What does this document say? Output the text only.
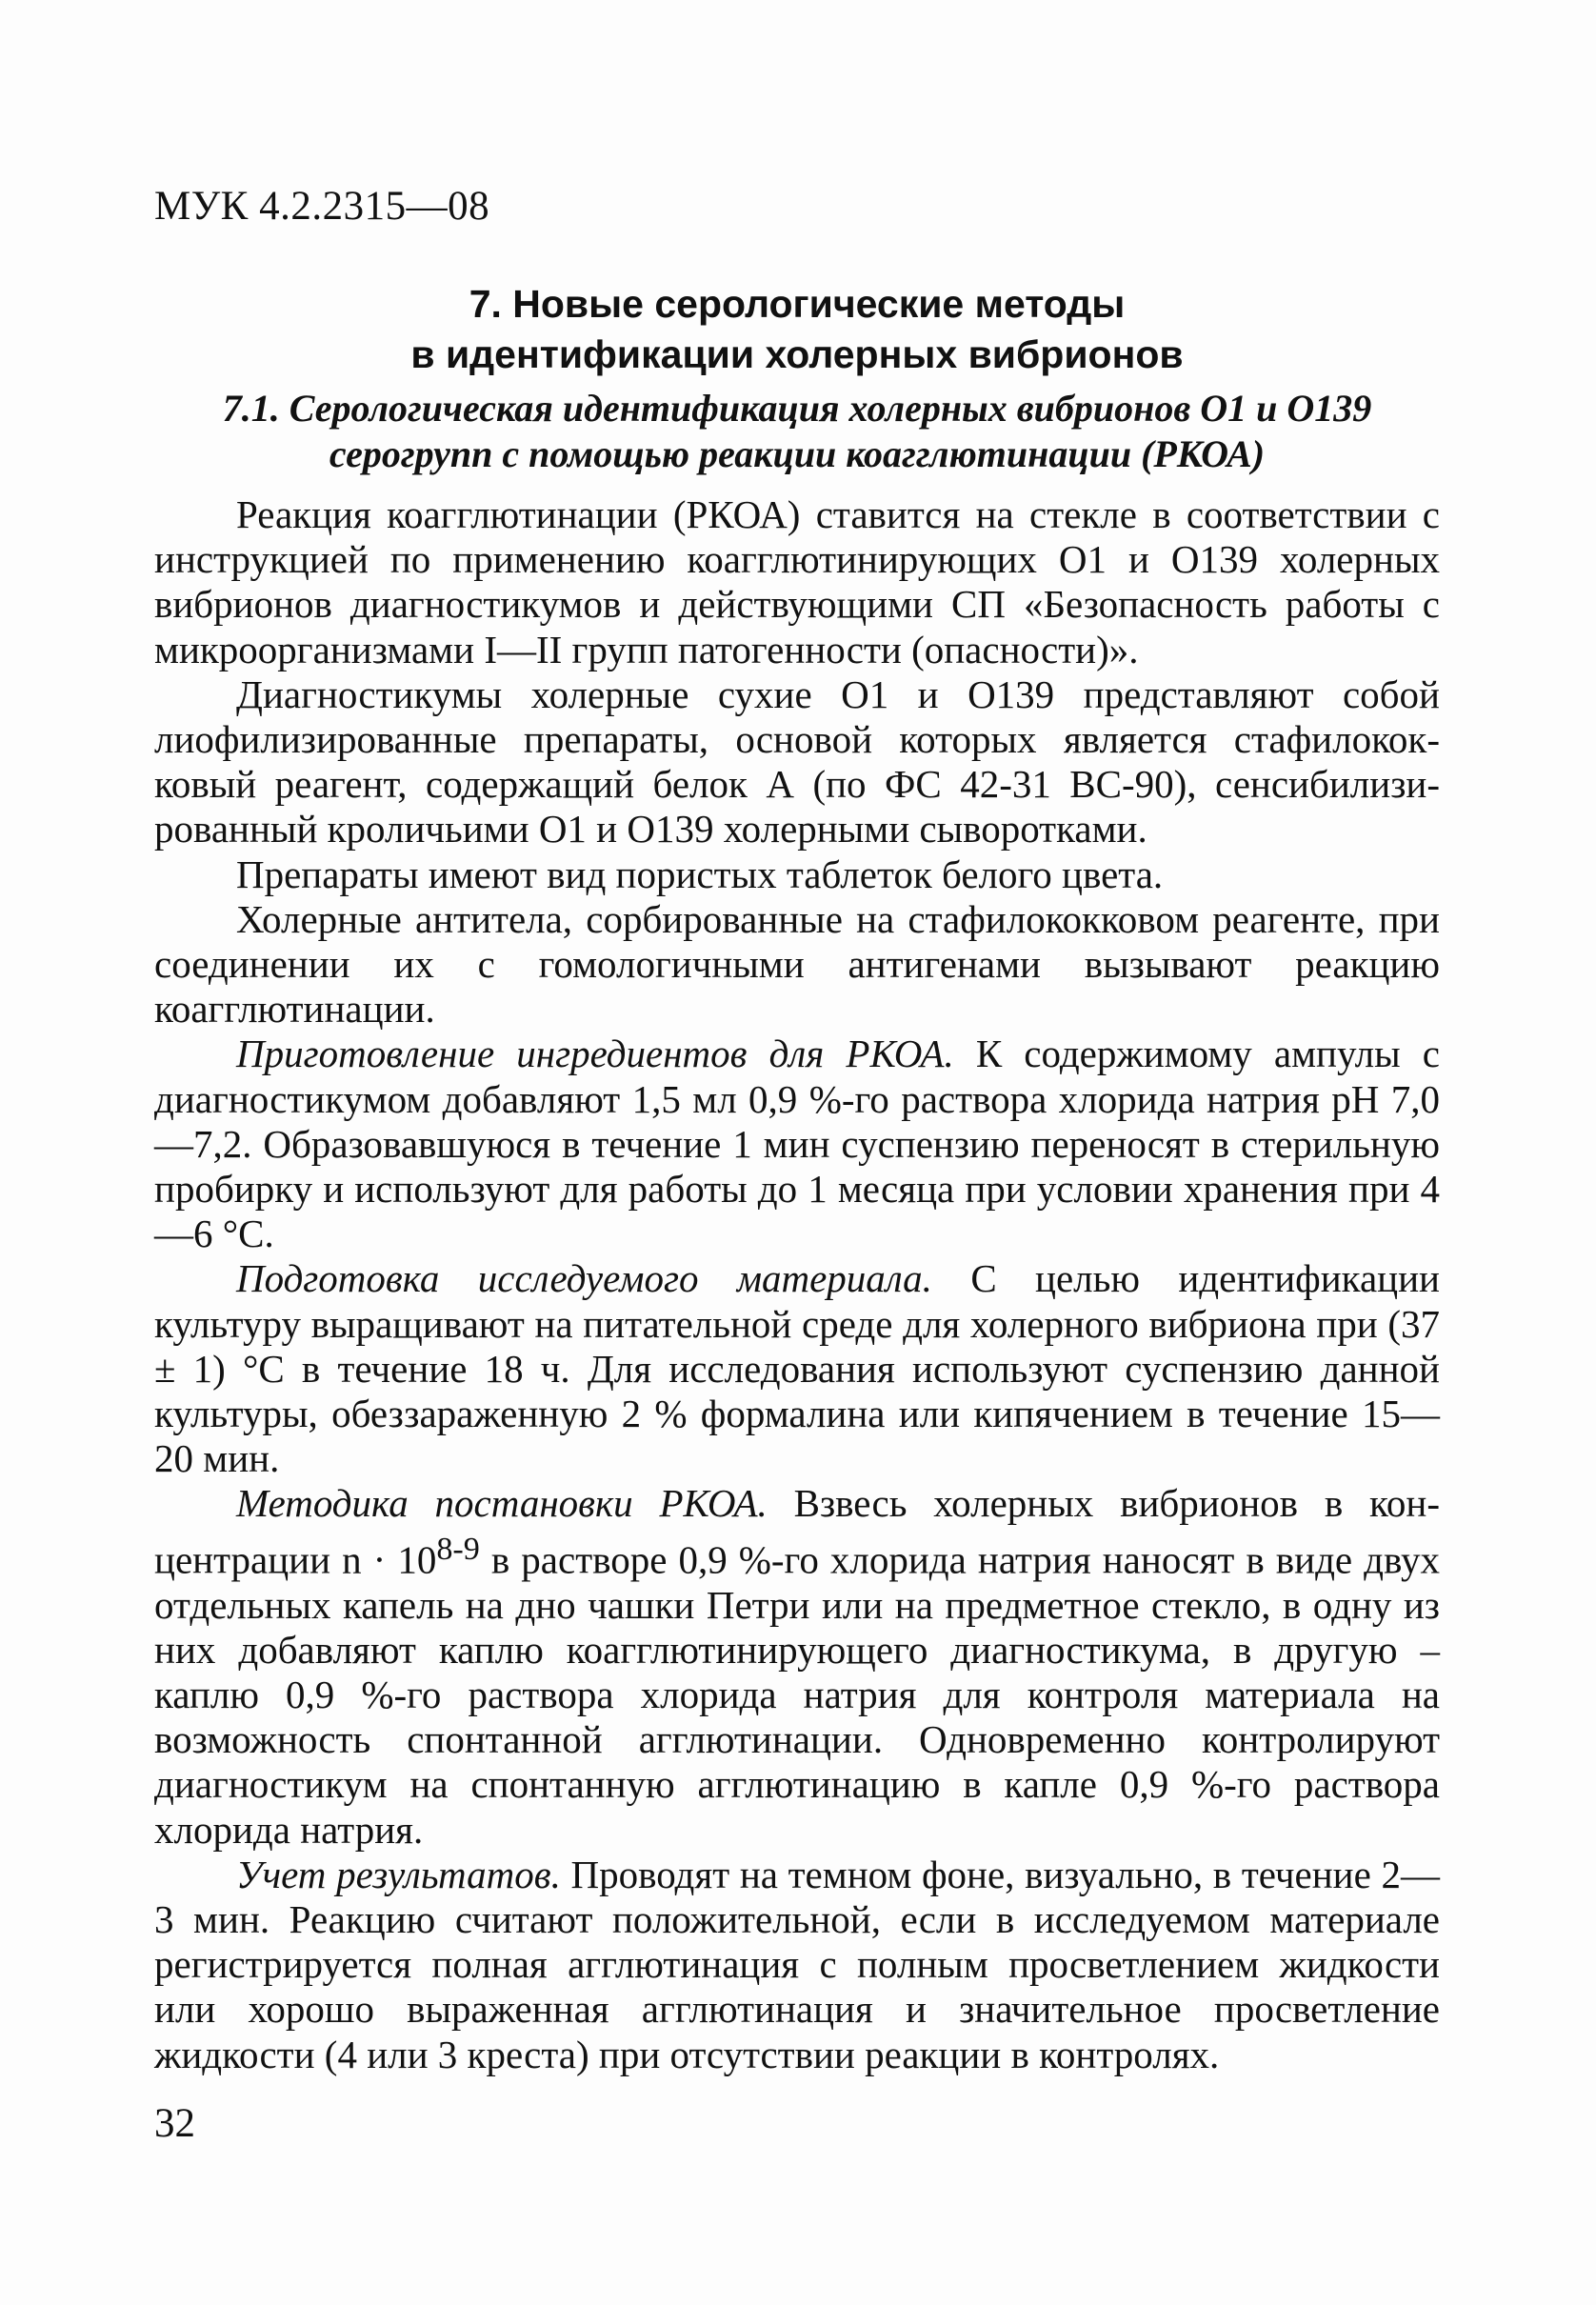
МУК 4.2.2315—08
7. Новые серологические методы
в идентификации холерных вибрионов
7.1. Серологическая идентификация холерных вибрионов О1 и О139
серогрупп с помощью реакции коагглютинации (РКОА)

Реакция коагглютинации (РКОА) ставится на стекле в соответствии с инструкцией по применению коагглютинирующих О1 и О139 холерных вибрионов диагностикумов и действующими СП «Безопасность работы с микроорганизмами I—II групп патогенности (опасности)».

Диагностикумы холерные сухие О1 и О139 представляют собой лиофилизированные препараты, основой которых является стафилококковый реагент, содержащий белок А (по ФС 42-31 ВС-90), сенсибилизированный кроличьими О1 и О139 холерными сыворотками.

Препараты имеют вид пористых таблеток белого цвета.

Холерные антитела, сорбированные на стафилококковом реагенте, при соединении их с гомологичными антигенами вызывают реакцию коагглютинации.

Приготовление ингредиентов для РКОА. К содержимому ампулы с диагностикумом добавляют 1,5 мл 0,9 %-го раствора хлорида натрия рН 7,0—7,2. Образовавшуюся в течение 1 мин суспензию переносят в стерильную пробирку и используют для работы до 1 месяца при условии хранения при 4—6 °С.

Подготовка исследуемого материала. С целью идентификации культуру выращивают на питательной среде для холерного вибриона при (37 ± 1) °С в течение 18 ч. Для исследования используют суспензию данной культуры, обеззараженную 2 % формалина или кипячением в течение 15—20 мин.

Методика постановки РКОА. Взвесь холерных вибрионов в концентрации $n \cdot 10^{8-9}$ в растворе 0,9 %-го хлорида натрия наносят в виде двух отдельных капель на дно чашки Петри или на предметное стекло, в одну из них добавляют каплю коагглютинирующего диагностикума, в другую – каплю 0,9 %-го раствора хлорида натрия для контроля материала на возможность спонтанной агглютинации. Одновременно контролируют диагностикум на спонтанную агглютинацию в капле 0,9 %-го раствора хлорида натрия.

Учет результатов. Проводят на темном фоне, визуально, в течение 2—3 мин. Реакцию считают положительной, если в исследуемом материале регистрируется полная агглютинация с полным просветлением жидкости или хорошо выраженная агглютинация и значительное просветление жидкости (4 или 3 креста) при отсутствии реакции в контролях.

32
